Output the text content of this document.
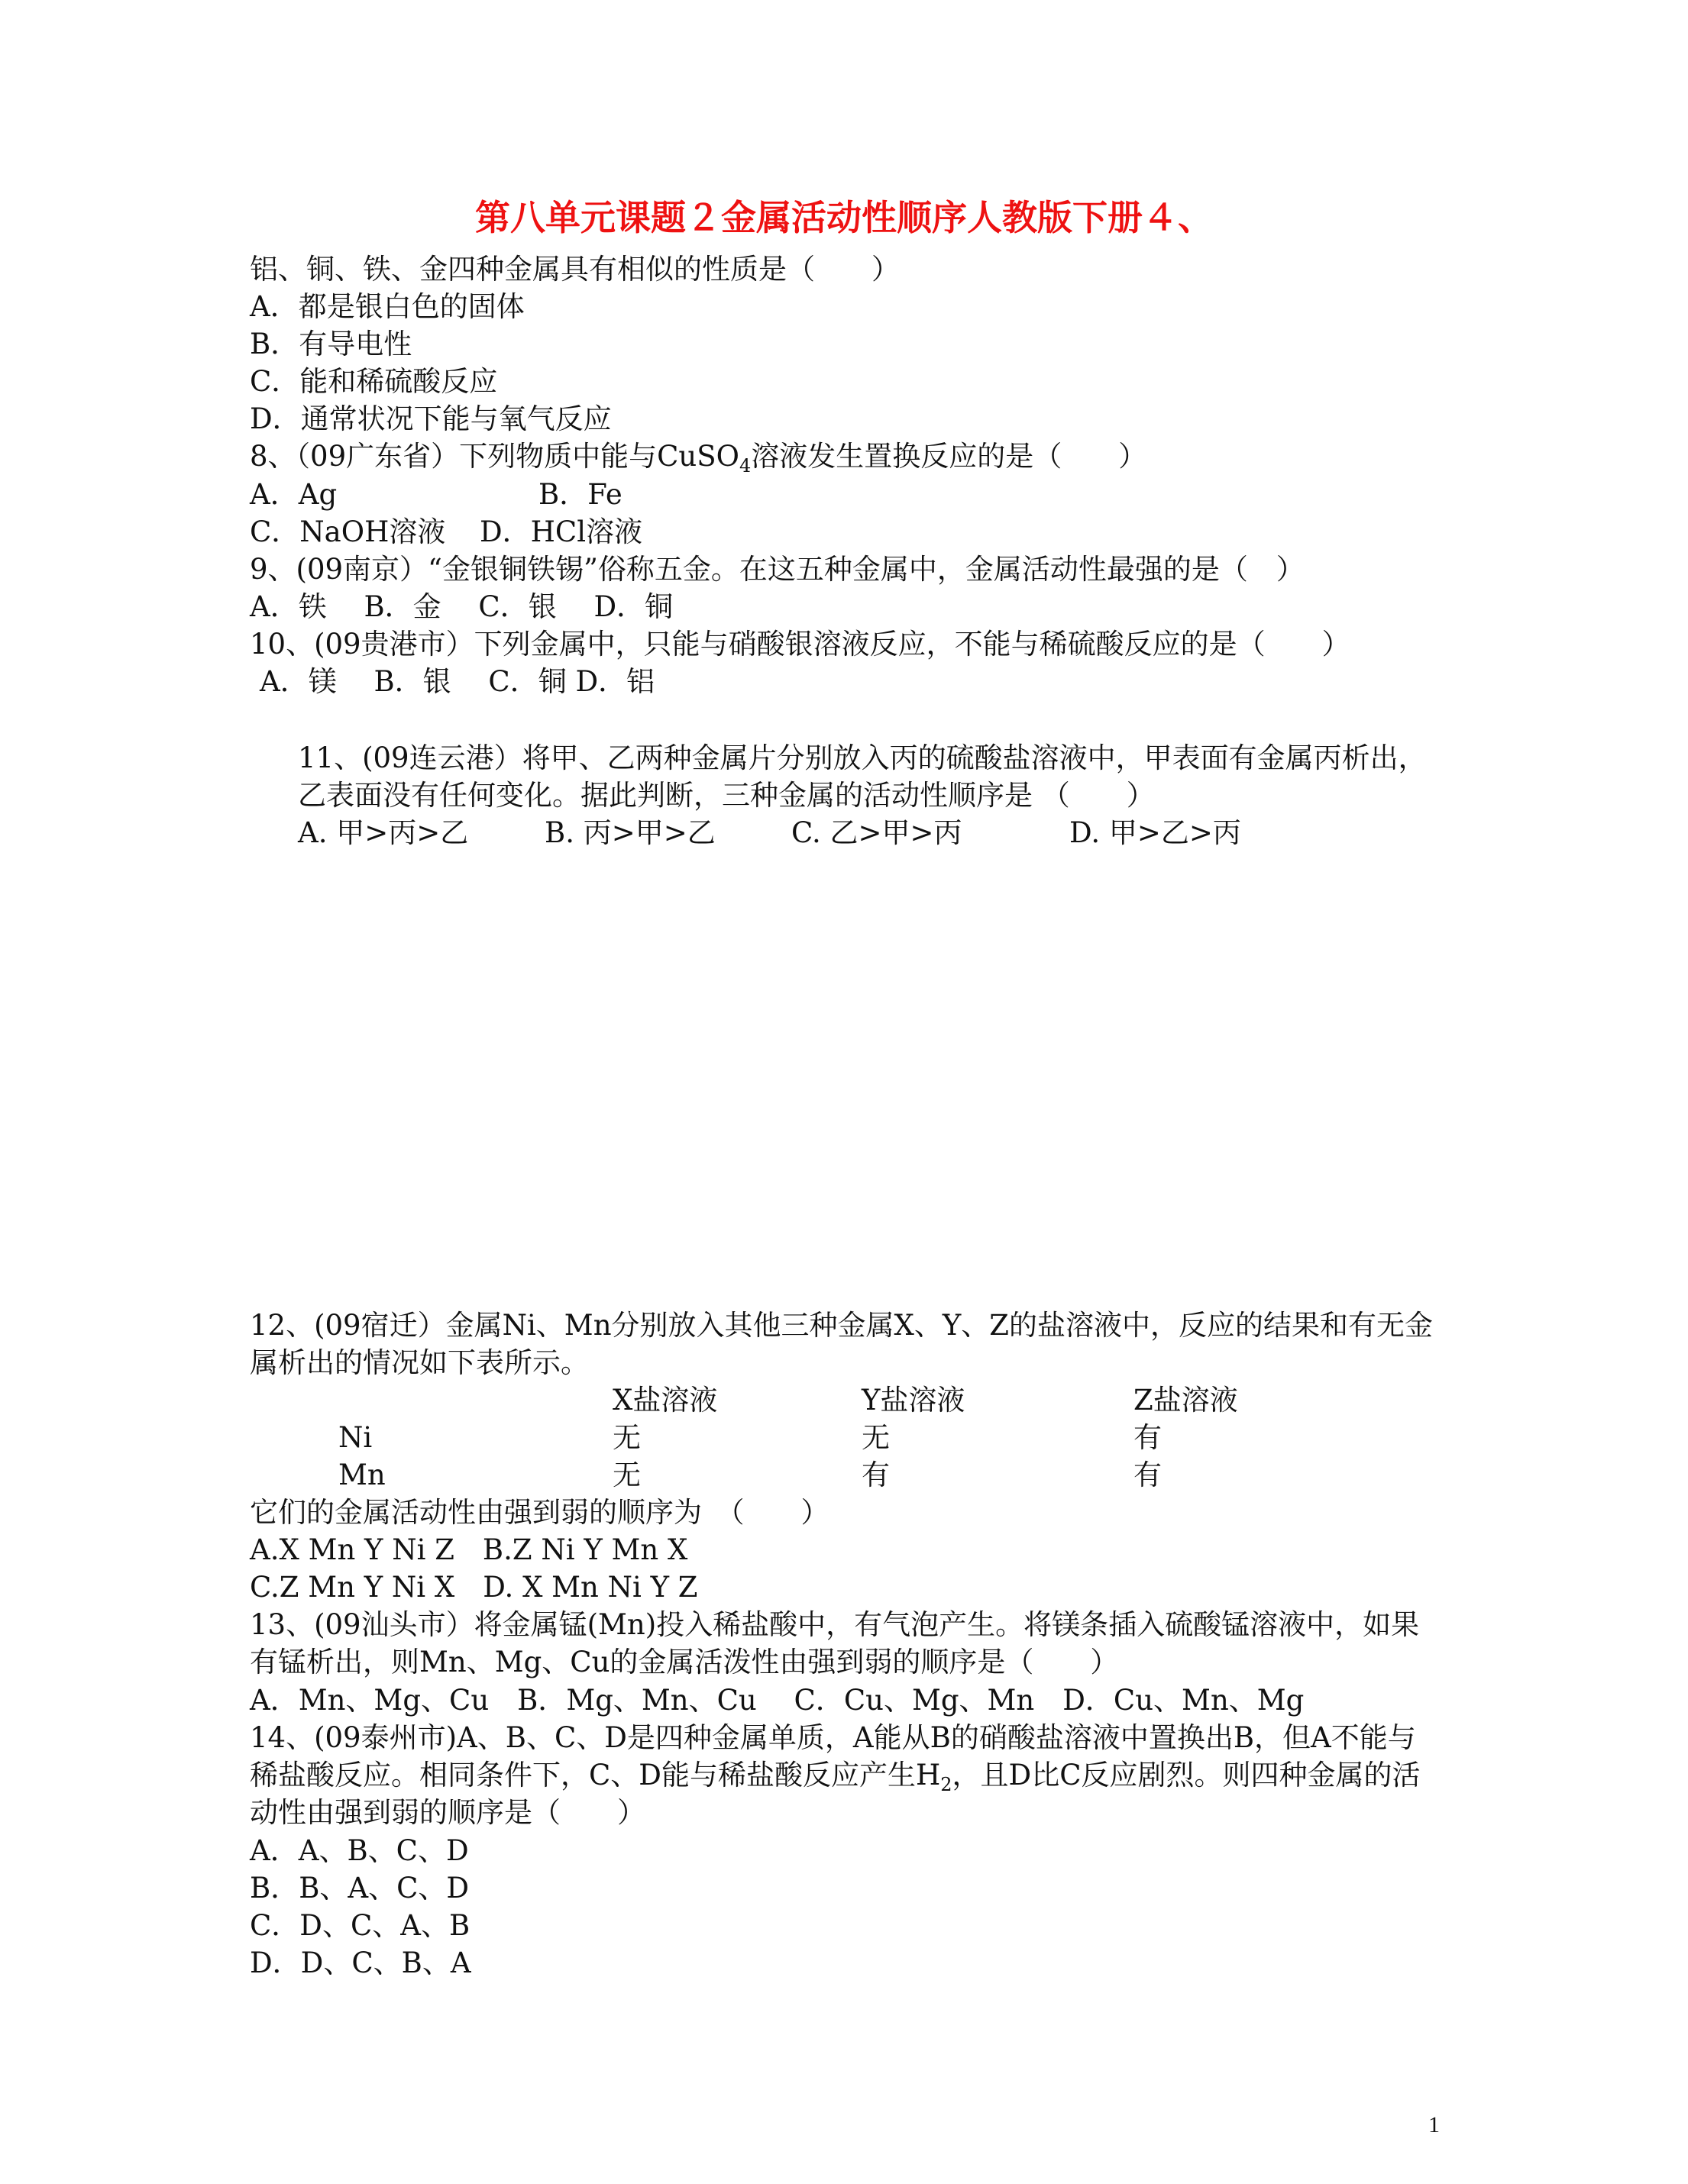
第八单元课题２金属活动性顺序人教版下册４、
铝、铜、铁、金四种金属具有相似的性质是（　　）
A．都是银白色的固体
B．有导电性
C．能和稀硫酸反应
D．通常状况下能与氧气反应
8、（09广东省）下列物质中能与CuSO$_4$溶液发生置换反应的是（　　）
A．Ag	B．Fe
C．NaOH溶液 D．HCl溶液
9、(09南京）“金银铜铁锡”俗称五金。在这五种金属中，金属活动性最强的是（　）
A．铁　 B．金　 C．银　 D．铜
10、(09贵港市）下列金属中，只能与硝酸银溶液反应，不能与稀硫酸反应的是（　　）
A．镁　 B．银　 C．铜 D．铝
11、(09连云港）将甲、乙两种金属片分别放入丙的硫酸盐溶液中，甲表面有金属丙析出，
乙表面没有任何变化。据此判断，三种金属的活动性顺序是 （　　）
A. 甲>丙>乙	B. 丙>甲>乙	C. 乙>甲>丙	D. 甲>乙>丙
12、(09宿迁）金属Ni、Mn分别放入其他三种金属X、Y、Z的盐溶液中，反应的结果和有无金
属析出的情况如下表所示。
X盐溶液	Y盐溶液	Z盐溶液
Ni	无	无	有
Mn	无	有	有
它们的金属活动性由强到弱的顺序为　（　　）
A.X Mn Y Ni Z　B.Z Ni Y Mn X
C.Z Mn Y Ni X　D. X Mn Ni Y Z
13、(09汕头市）将金属锰(Mn)投入稀盐酸中，有气泡产生。将镁条插入硫酸锰溶液中，如果
有锰析出，则Mn、Mg、Cu的金属活泼性由强到弱的顺序是（　　）
A．Mn、Mg、Cu　B．Mg、Mn、Cu　 C．Cu、Mg、Mn　D．Cu、Mn、Mg
14、(09泰州市)A、B、C、D是四种金属单质，A能从B的硝酸盐溶液中置换出B，但A不能与
稀盐酸反应。相同条件下，C、D能与稀盐酸反应产生$H_2$，且D比C反应剧烈。则四种金属的活
动性由强到弱的顺序是（　　）
A．A、B、C、D
B．B、A、C、D
C．D、C、A、B
D．D、C、B、A
1
